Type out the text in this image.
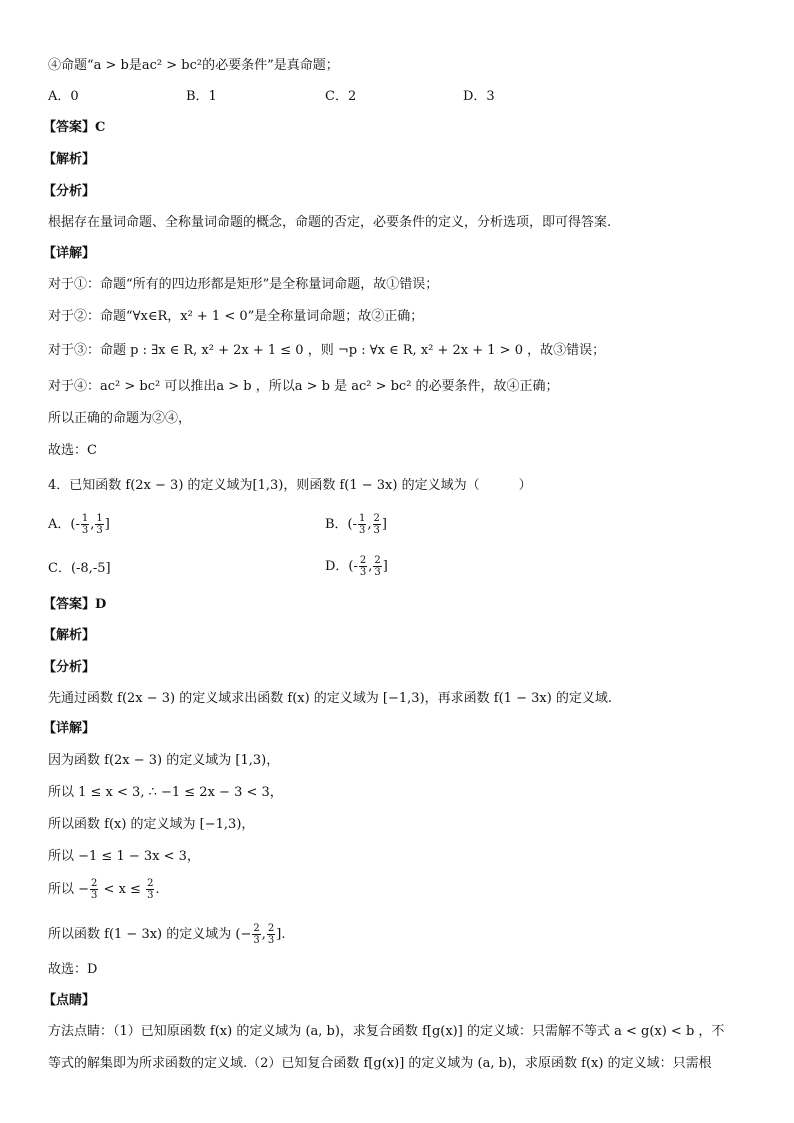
④命题“a > b是ac² > bc²的必要条件”是真命题；
A．0	B．1	C．2	D．3
【答案】C
【解析】
【分析】
根据存在量词命题、全称量词命题的概念，命题的否定，必要条件的定义，分析选项，即可得答案.
【详解】
对于①：命题“所有的四边形都是矩形”是全称量词命题，故①错误；
对于②：命题“∀x∈R，x² + 1 < 0”是全称量词命题；故②正确；
对于③：命题 p : ∃x ∈ R, x² + 2x + 1 ≤ 0 ，则 ¬p : ∀x ∈ R, x² + 2x + 1 > 0 ，故③错误；
对于④：ac² > bc² 可以推出a > b ，所以a > b 是 ac² > bc² 的必要条件，故④正确；
所以正确的命题为②④，
故选：C
4．已知函数 f(2x − 3) 的定义域为[1,3)，则函数 f(1 − 3x) 的定义域为（　　　）
A．(- $\frac{1}{3}$ , $\frac{1}{3}$ ]	B．(- $\frac{1}{3}$ , $\frac{2}{3}$ ]
C．(-8,-5]	D．(- $\frac{2}{3}$ , $\frac{2}{3}$ ]
【答案】D
【解析】
【分析】
先通过函数 f(2x − 3) 的定义域求出函数 f(x) 的定义域为 [−1,3)，再求函数 f(1 − 3x) 的定义域.
【详解】
因为函数 f(2x − 3) 的定义域为 [1,3)，
所以 1 ≤ x < 3, ∴ −1 ≤ 2x − 3 < 3，
所以函数 f(x) 的定义域为 [−1,3)，
所以 −1 ≤ 1 − 3x < 3，
所以 − $\frac{2}{3} < x \le \frac{2}{3}$ .
所以函数 f(1 − 3x) 的定义域为 (− $\frac{2}{3}$ , $\frac{2}{3}$ ].
故选：D
【点睛】
方法点睛：（1）已知原函数 f(x) 的定义域为 (a, b)，求复合函数 f[g(x)] 的定义域：只需解不等式 a < g(x) < b ，不
等式的解集即为所求函数的定义域.（2）已知复合函数 f[g(x)] 的定义域为 (a, b)，求原函数 f(x) 的定义域：只需根
